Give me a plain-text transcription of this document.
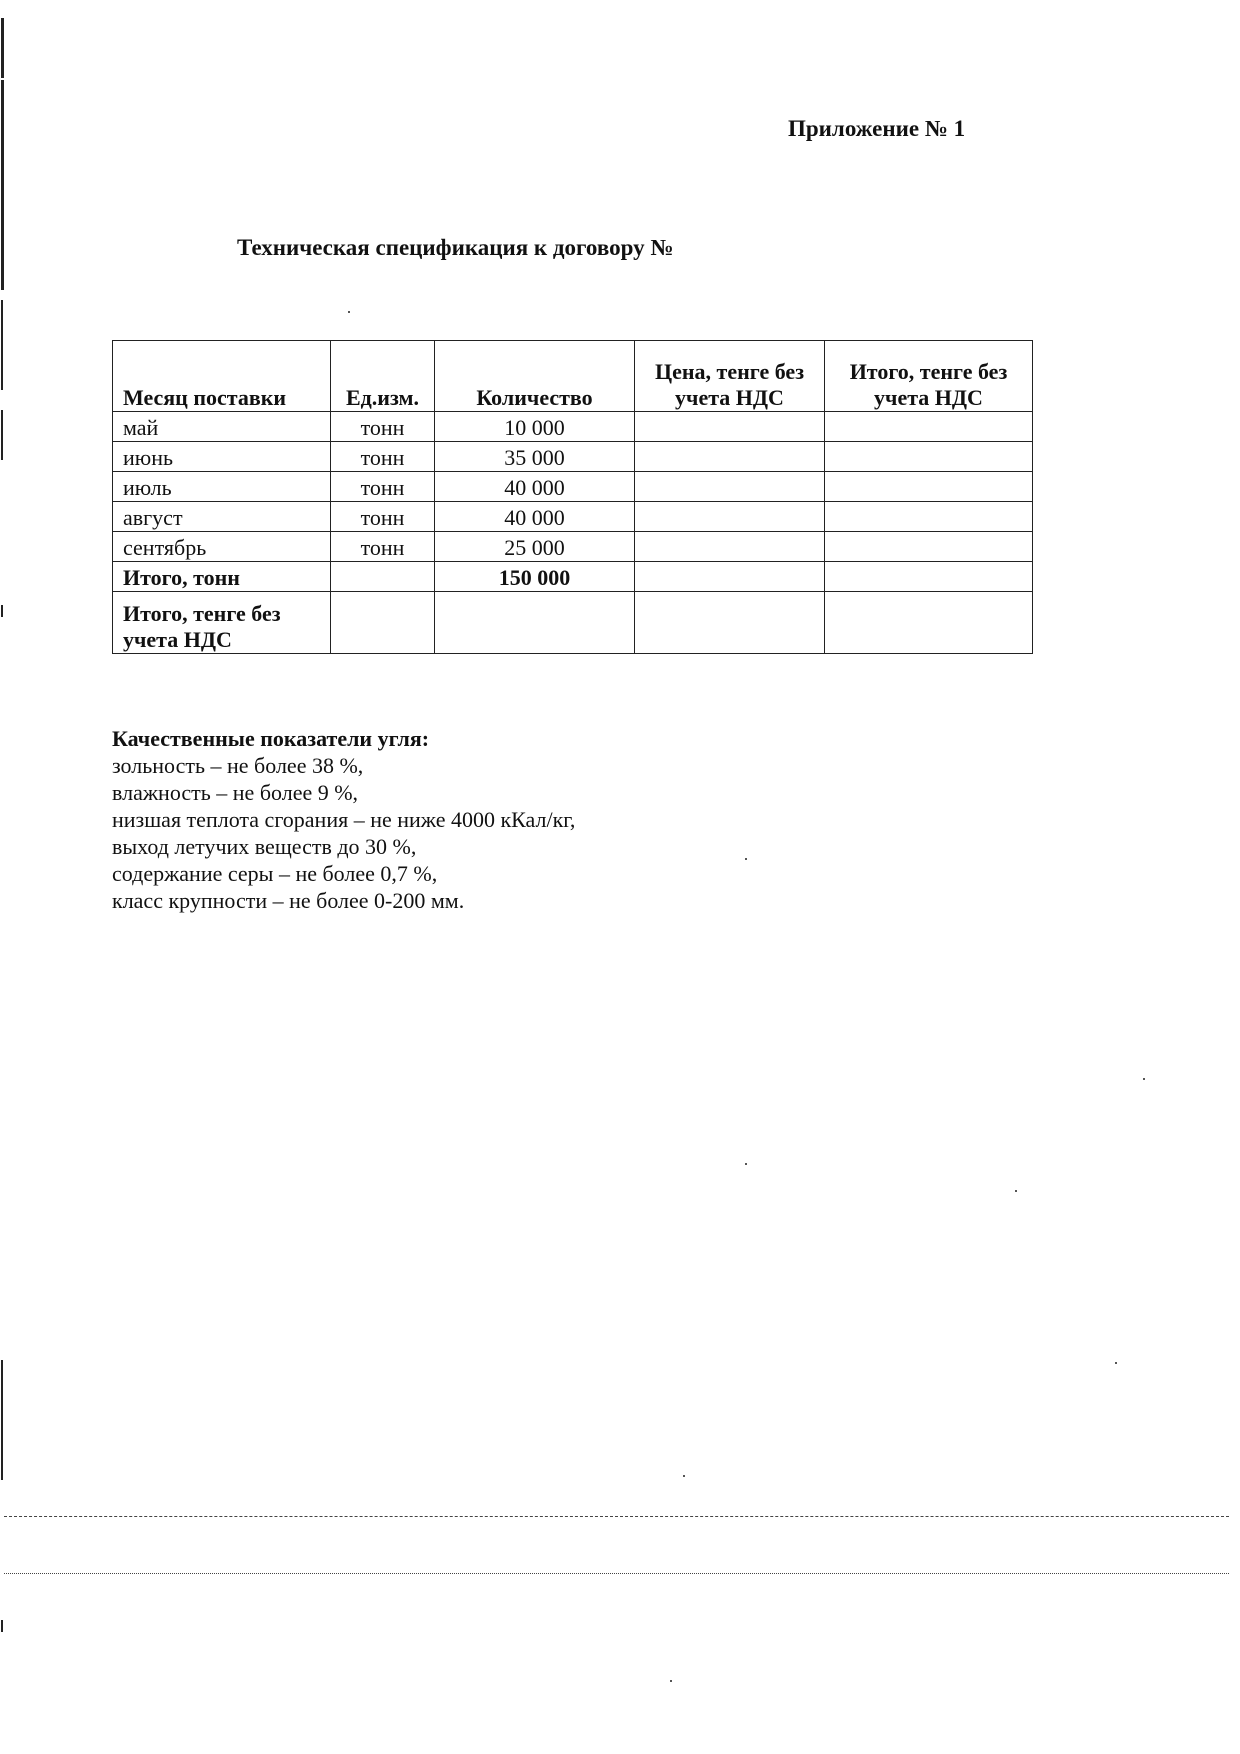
Приложение № 1
Техническая спецификация к договору №
Месяц поставки	Ед.изм.	Количество	Цена, тенге без учета НДС	Итого, тенге без учета НДС
май	тонн	10 000		
июнь	тонн	35 000		
июль	тонн	40 000		
август	тонн	40 000		
сентябрь	тонн	25 000		
Итого, тонн		150 000		
Итого, тенге без учета НДС				
Качественные показатели угля:
зольность – не более 38 %,
влажность – не более 9 %,
низшая теплота сгорания – не ниже 4000 кКал/кг,
выход летучих веществ до 30 %,
содержание серы – не более 0,7 %,
класс крупности – не более 0-200 мм.
